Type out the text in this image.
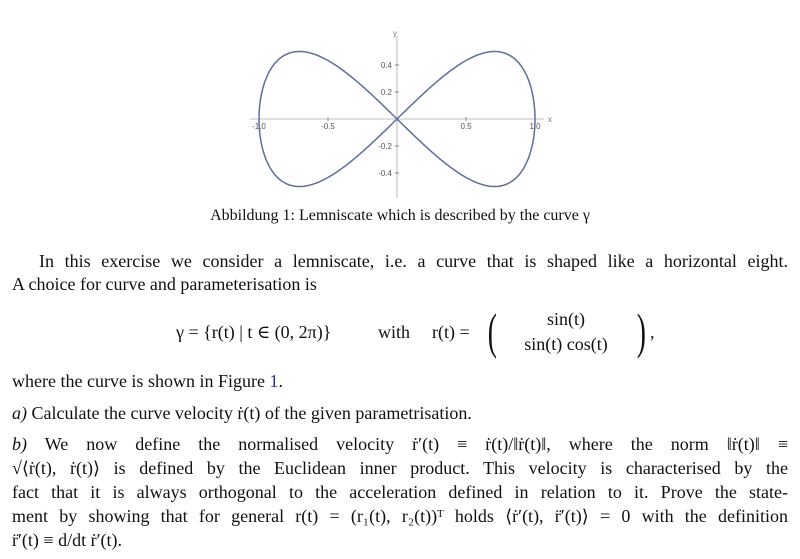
x
y
-1.0	-0.5	0.5	1.0
0.4
0.2
-0.2
-0.4
Abbildung 1: Lemniscate which is described by the curve γ
In this exercise we consider a lemniscate, i.e. a curve that is shaped like a horizontal eight.
A choice for curve and parameterisation is
γ = {r(t) | t ∈ (0, 2π)}	with r(t) = (	sin(t)
sin(t) cos(t) ) ,
where the curve is shown in Figure 1.
a) Calculate the curve velocity ṙ(t) of the given parametrisation.
b) We now define the normalised velocity ṙ′(t) ≡ ṙ(t)/‖ṙ(t)‖, where the norm ‖ṙ(t)‖ ≡
√⟨ṙ(t), ṙ(t)⟩ is defined by the Euclidean inner product. This velocity is characterised by the
fact that it is always orthogonal to the acceleration defined in relation to it. Prove the state-
ment by showing that for general r(t) = (r₁(t), r₂(t))ᵀ holds ⟨ṙ′(t), r̈′(t)⟩ = 0 with the definition
r̈′(t) ≡ d/dt ṙ′(t).
